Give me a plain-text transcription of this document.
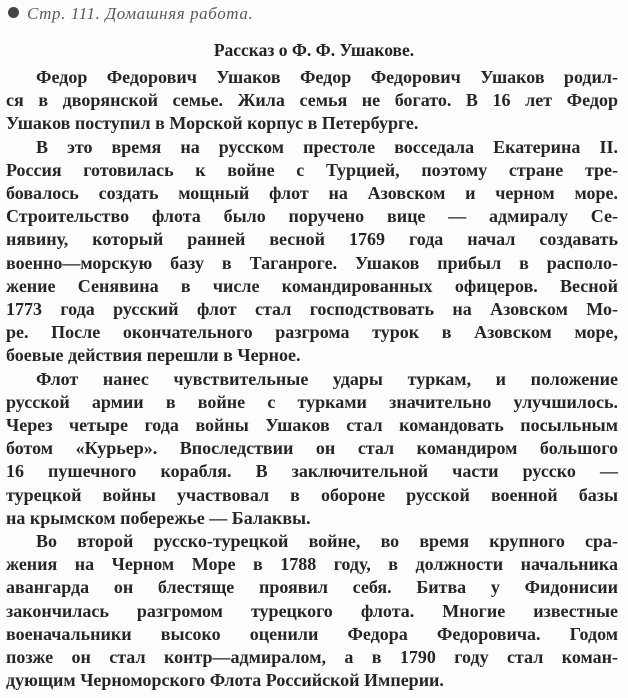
Стр. 111. Домашняя работа.
Рассказ о Ф. Ф. Ушакове.
Федор Федорович Ушаков Федор Федорович Ушаков родил-
ся в дворянской семье. Жила семья не богато. В 16 лет Федор
Ушаков поступил в Морской корпус в Петербурге.
В это время на русском престоле восседала Екатерина II.
Россия готовилась к войне с Турцией, поэтому стране тре-
бовалось создать мощный флот на Азовском и черном море.
Строительство флота было поручено вице — адмиралу Се-
нявину, который ранней весной 1769 года начал создавать
военно—морскую базу в Таганроге. Ушаков прибыл в располо-
жение Сенявина в числе командированных офицеров. Весной
1773 года русский флот стал господствовать на Азовском Мо-
ре. После окончательного разгрома турок в Азовском море,
боевые действия перешли в Черное.
Флот нанес чувствительные удары туркам, и положение
русской армии в войне с турками значительно улучшилось.
Через четыре года войны Ушаков стал командовать посыльным
ботом «Курьер». Впоследствии он стал командиром большого
16 пушечного корабля. В заключительной части русско —
турецкой войны участвовал в обороне русской военной базы
на крымском побережье — Балаквы.
Во второй русско-турецкой войне, во время крупного сра-
жения на Черном Море в 1788 году, в должности начальника
авангарда он блестяще проявил себя. Битва у Фидонисии
закончилась разгромом турецкого флота. Многие известные
военачальники высоко оценили Федора Федоровича. Годом
позже он стал контр—адмиралом, а в 1790 году стал коман-
дующим Черноморского Флота Российской Империи.
